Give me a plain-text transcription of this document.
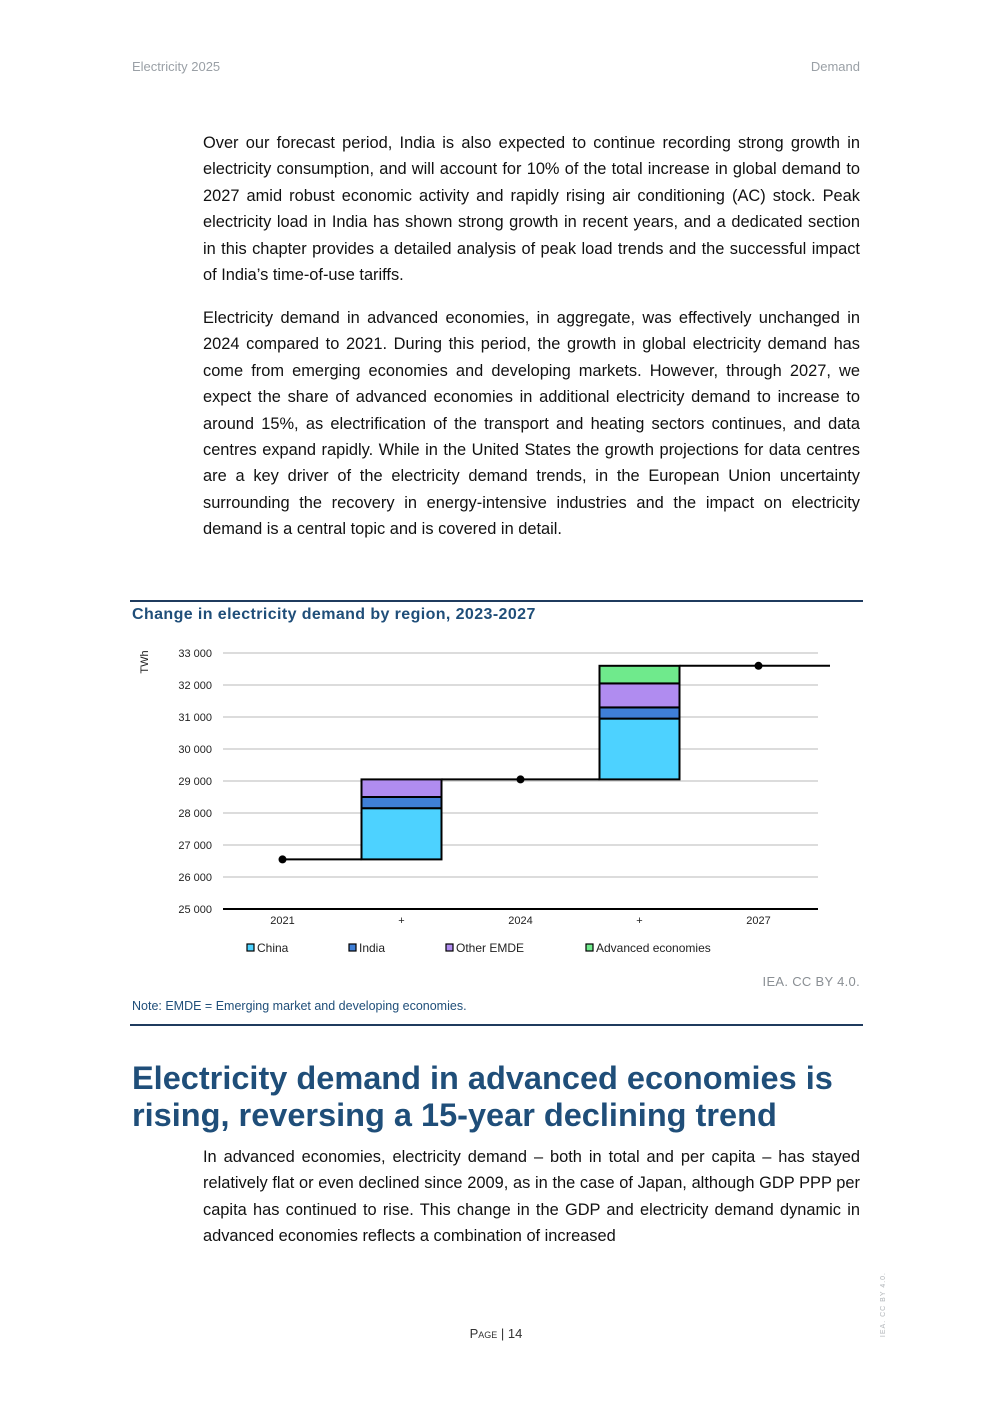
Electricity 2025	Demand

Over our forecast period, India is also expected to continue recording strong growth in electricity consumption, and will account for 10% of the total increase in global demand to 2027 amid robust economic activity and rapidly rising air conditioning (AC) stock. Peak electricity load in India has shown strong growth in recent years, and a dedicated section in this chapter provides a detailed analysis of peak load trends and the successful impact of India’s time-of-use tariffs.

Electricity demand in advanced economies, in aggregate, was effectively unchanged in 2024 compared to 2021. During this period, the growth in global electricity demand has come from emerging economies and developing markets. However, through 2027, we expect the share of advanced economies in additional electricity demand to increase to around 15%, as electrification of the transport and heating sectors continues, and data centres expand rapidly. While in the United States the growth projections for data centres are a key driver of the electricity demand trends, in the European Union uncertainty surrounding the recovery in energy-intensive industries and the impact on electricity demand is a central topic and is covered in detail.

Change in electricity demand by region, 2023-2027
25 000
26 000
27 000
28 000
29 000
30 000
31 000
32 000
33 000
TWh
2021	+	2024	+	2027
China	India	Other EMDE	Advanced economies
IEA. CC BY 4.0.
Note: EMDE = Emerging market and developing economies.
Electricity demand in advanced economies is rising, reversing a 15-year declining trend

In advanced economies, electricity demand – both in total and per capita – has stayed relatively flat or even declined since 2009, as in the case of Japan, although GDP PPP per capita has continued to rise. This change in the GDP and electricity demand dynamic in advanced economies reflects a combination of increased

Page | 14	IEA. CC BY 4.0.
